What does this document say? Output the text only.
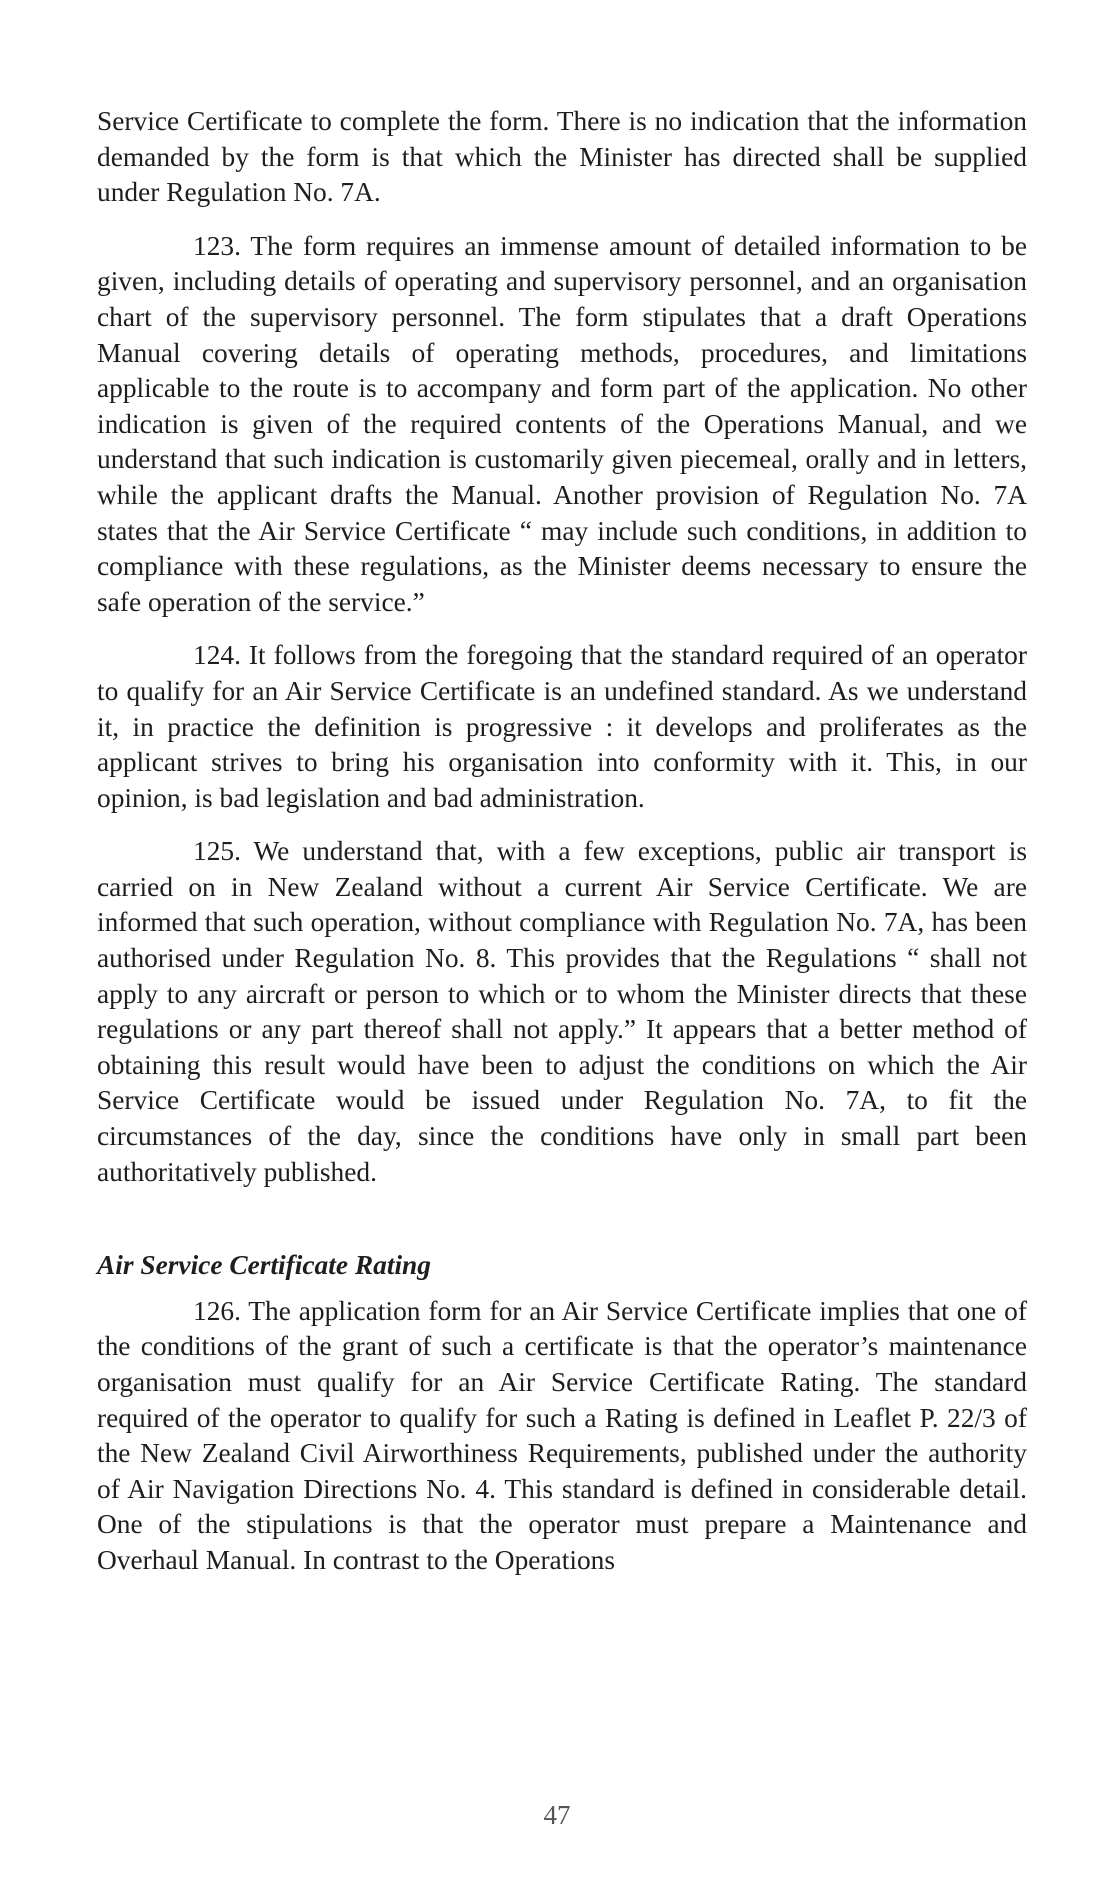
Service Certificate to complete the form. There is no indication that the information demanded by the form is that which the Minister has directed shall be supplied under Regulation No. 7A.

123. The form requires an immense amount of detailed information to be given, including details of operating and supervisory personnel, and an organisation chart of the supervisory personnel. The form stipulates that a draft Operations Manual covering details of operating methods, procedures, and limitations applicable to the route is to accompany and form part of the application. No other indication is given of the required contents of the Operations Manual, and we understand that such indication is customarily given piecemeal, orally and in letters, while the applicant drafts the Manual. Another provision of Regulation No. 7A states that the Air Service Certificate “ may include such conditions, in addition to compliance with these regulations, as the Minister deems necessary to ensure the safe operation of the service.”

124. It follows from the foregoing that the standard required of an operator to qualify for an Air Service Certificate is an undefined standard. As we understand it, in practice the definition is progressive : it develops and proliferates as the applicant strives to bring his organisation into conformity with it. This, in our opinion, is bad legislation and bad administration.

125. We understand that, with a few exceptions, public air transport is carried on in New Zealand without a current Air Service Certificate. We are informed that such operation, without compliance with Regulation No. 7A, has been authorised under Regulation No. 8. This provides that the Regulations “ shall not apply to any aircraft or person to which or to whom the Minister directs that these regulations or any part thereof shall not apply.” It appears that a better method of obtaining this result would have been to adjust the conditions on which the Air Service Certificate would be issued under Regulation No. 7A, to fit the circumstances of the day, since the conditions have only in small part been authoritatively published.

Air Service Certificate Rating

126. The application form for an Air Service Certificate implies that one of the conditions of the grant of such a certificate is that the operator’s maintenance organisation must qualify for an Air Service Certificate Rating. The standard required of the operator to qualify for such a Rating is defined in Leaflet P. 22/3 of the New Zealand Civil Airworthiness Requirements, published under the authority of Air Navigation Directions No. 4. This standard is defined in considerable detail. One of the stipulations is that the operator must prepare a Maintenance and Overhaul Manual. In contrast to the Operations

47
